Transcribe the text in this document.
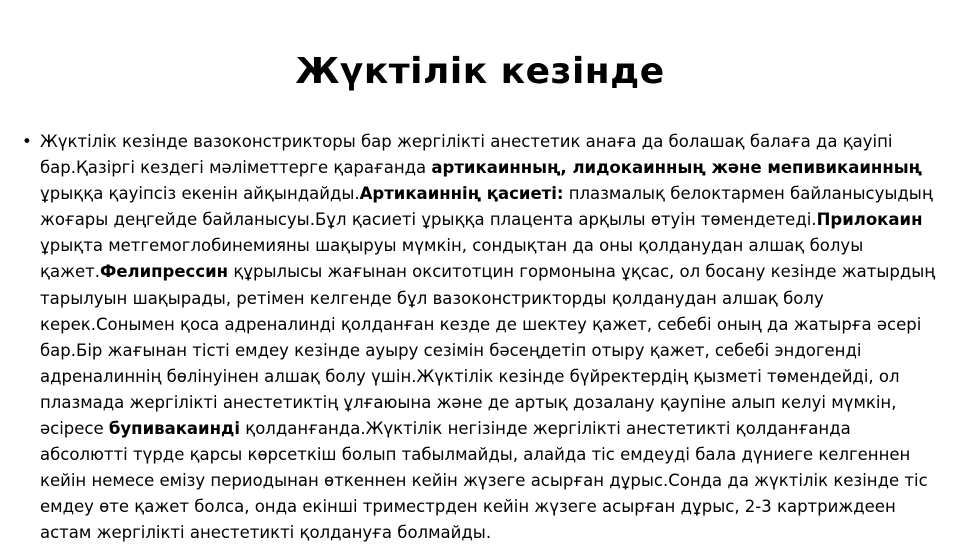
Жүктілік кезінде
•
Жүктілік кезінде вазоконстрикторы бар жергілікті анестетик анаға да болашақ балаға да қауіпі бар.Қазіргі кездегі мәліметтерге қарағанда артикаинның, лидокаинның және мепивикаинның ұрыққа қауіпсіз екенін айқындайды.Артикаиннің қасиеті: плазмалық белоктармен байланысуыдың жоғары деңгейде байланысуы.Бұл қасиеті ұрыққа плацента арқылы өтуін төмендетеді.Прилокаин ұрықта метгемоглобинемияны шақыруы мүмкін, сондықтан да оны қолданудан алшақ болуы қажет.Фелипрессин құрылысы жағынан окситотцин гормонына ұқсас, ол босану кезінде жатырдың тарылуын шақырады, ретімен келгенде бұл вазоконстрикторды қолданудан алшақ болу керек.Сонымен қоса адреналинді қолданған кезде де шектеу қажет, себебі оның да жатырға әсері бар.Бір жағынан тісті емдеу кезінде ауыру сезімін бәсеңдетіп отыру қажет, себебі эндогенді адреналиннің бөлінуінен алшақ болу үшін.Жүктілік кезінде бүйректердің қызметі төмендейді, ол плазмада жергілікті анестетиктің ұлғаюына және де артық дозалану қаупіне алып келуі мүмкін, әсіресе бупивакаинді қолданғанда.Жүктілік негізінде жергілікті анестетикті қолданғанда абсолютті түрде қарсы көрсеткіш болып табылмайды, алайда тіс емдеуді бала дүниеге келгеннен кейін немесе емізу периодынан өткеннен кейін жүзеге асырған дұрыс.Сонда да жүктілік кезінде тіс емдеу өте қажет болса, онда екінші триместрден кейін жүзеге асырған дұрыс, 2-3 картриждеен астам жергілікті анестетикті қолдануға болмайды.
